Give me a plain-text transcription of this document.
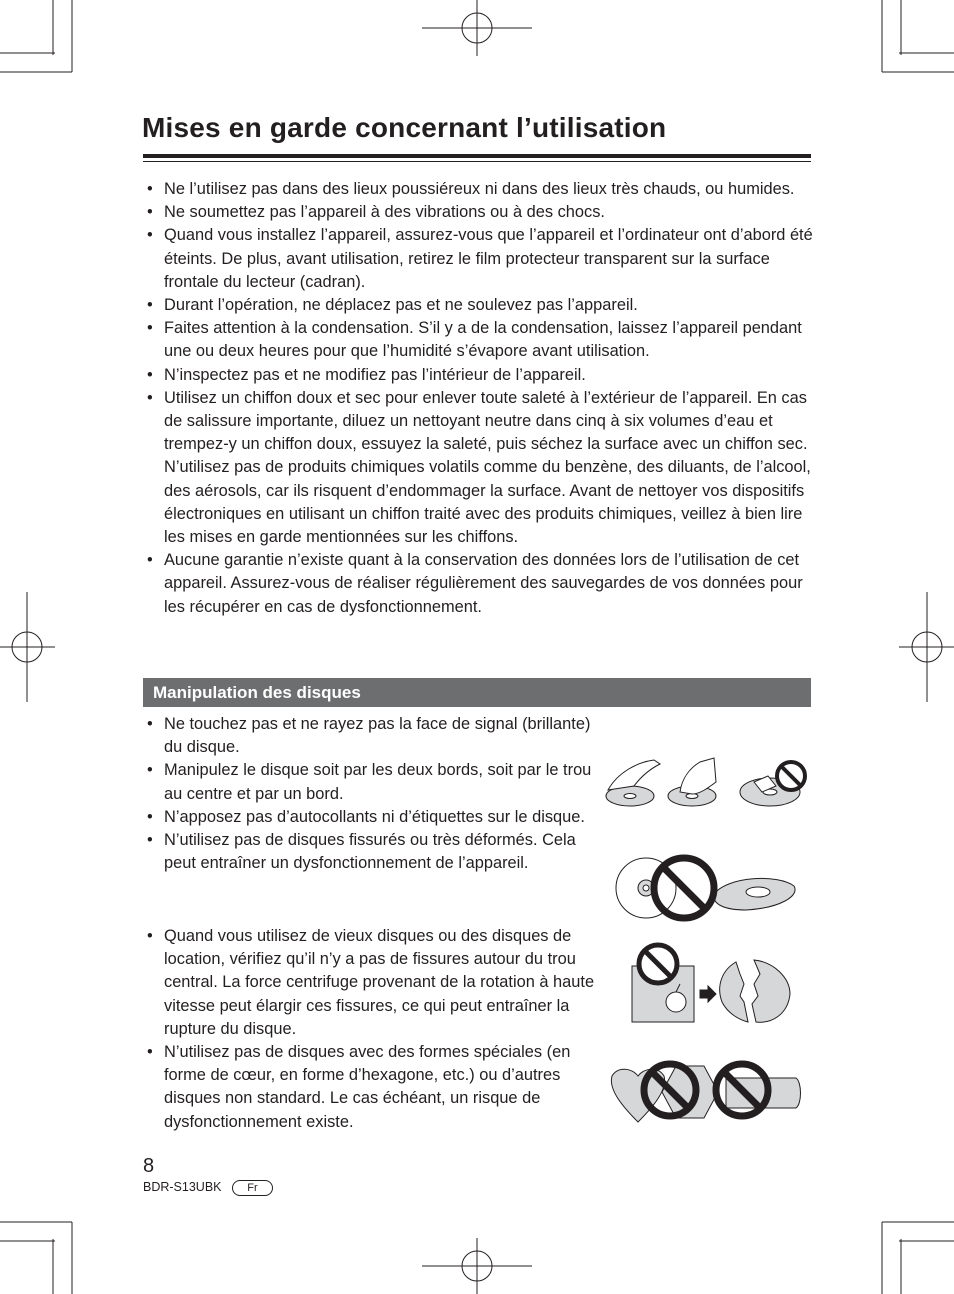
Mises en garde concernant l’utilisation
• Ne l’utilisez pas dans des lieux poussiéreux ni dans des lieux très chauds, ou humides.
• Ne soumettez pas l’appareil à des vibrations ou à des chocs.
• Quand vous installez l’appareil, assurez-vous que l’appareil et l’ordinateur ont d’abord été éteints. De plus, avant utilisation, retirez le film protecteur transparent sur la surface frontale du lecteur (cadran).
• Durant l’opération, ne déplacez pas et ne soulevez pas l’appareil.
• Faites attention à la condensation. S’il y a de la condensation, laissez l’appareil pendant une ou deux heures pour que l’humidité s’évapore avant utilisation.
• N’inspectez pas et ne modifiez pas l’intérieur de l’appareil.
• Utilisez un chiffon doux et sec pour enlever toute saleté à l’extérieur de l’appareil. En cas de salissure importante, diluez un nettoyant neutre dans cinq à six volumes d’eau et trempez-y un chiffon doux, essuyez la saleté, puis séchez la surface avec un chiffon sec. N’utilisez pas de produits chimiques volatils comme du benzène, des diluants, de l’alcool, des aérosols, car ils risquent d’endommager la surface. Avant de nettoyer vos dispositifs électroniques en utilisant un chiffon traité avec des produits chimiques, veillez à bien lire les mises en garde mentionnées sur les chiffons.
• Aucune garantie n’existe quant à la conservation des données lors de l’utilisation de cet appareil. Assurez-vous de réaliser régulièrement des sauvegardes de vos données pour les récupérer en cas de dysfonctionnement.
Manipulation des disques
• Ne touchez pas et ne rayez pas la face de signal (brillante) du disque.
• Manipulez le disque soit par les deux bords, soit par le trou au centre et par un bord.
• N’apposez pas d’autocollants ni d’étiquettes sur le disque.
• N’utilisez pas de disques fissurés ou très déformés. Cela peut entraîner un dysfonctionnement de l’appareil.
• Quand vous utilisez de vieux disques ou des disques de location, vérifiez qu’il n’y a pas de fissures autour du trou central. La force centrifuge provenant de la rotation à haute vitesse peut élargir ces fissures, ce qui peut entraîner la rupture du disque.
• N’utilisez pas de disques avec des formes spéciales (en forme de cœur, en forme d’hexagone, etc.) ou d’autres disques non standard. Le cas échéant, un risque de dysfonctionnement existe.
8
BDR-S13UBK	Fr
